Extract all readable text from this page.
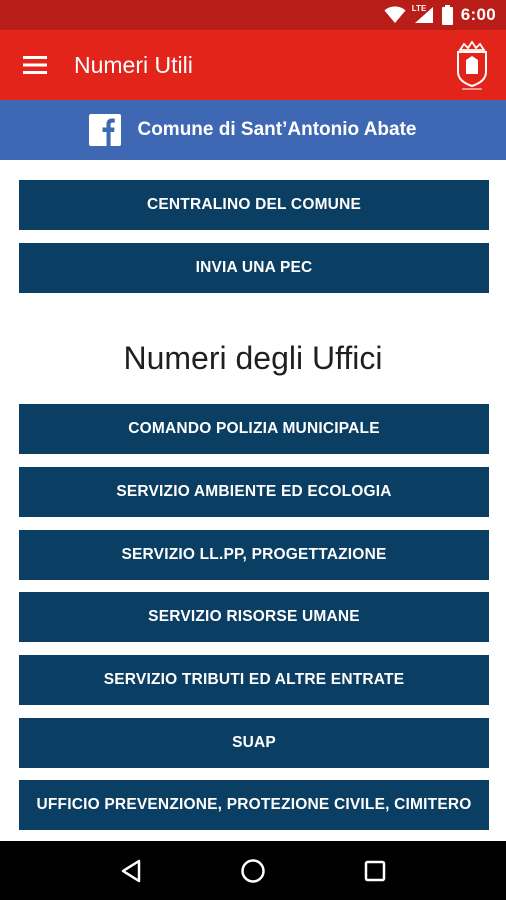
LTE 6:00
Numeri Utili
Comune di Sant’Antonio Abate
CENTRALINO DEL COMUNE
INVIA UNA PEC
Numeri degli Uffici
COMANDO POLIZIA MUNICIPALE
SERVIZIO AMBIENTE ED ECOLOGIA
SERVIZIO LL.PP, PROGETTAZIONE
SERVIZIO RISORSE UMANE
SERVIZIO TRIBUTI ED ALTRE ENTRATE
SUAP
UFFICIO PREVENZIONE, PROTEZIONE CIVILE, CIMITERO
